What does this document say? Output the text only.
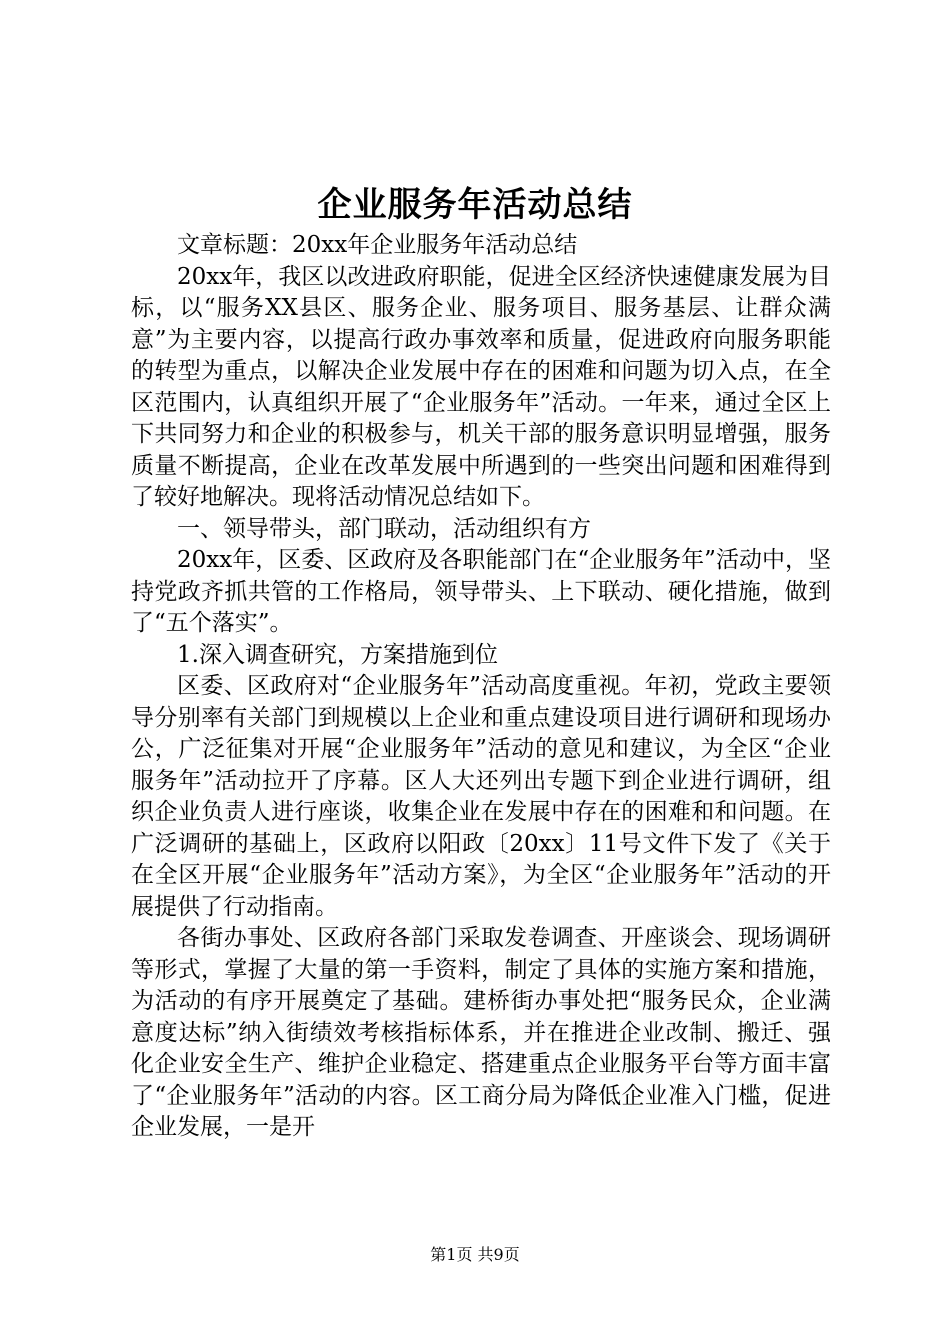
企业服务年活动总结

文章标题：20xx年企业服务年活动总结

20xx年，我区以改进政府职能，促进全区经济快速健康发展为目标，以“服务XX县区、服务企业、服务项目、服务基层、让群众满意”为主要内容，以提高行政办事效率和质量，促进政府向服务职能的转型为重点，以解决企业发展中存在的困难和问题为切入点，在全区范围内，认真组织开展了“企业服务年”活动。一年来，通过全区上下共同努力和企业的积极参与，机关干部的服务意识明显增强，服务质量不断提高，企业在改革发展中所遇到的一些突出问题和困难得到了较好地解决。现将活动情况总结如下。

一、领导带头，部门联动，活动组织有方

20xx年，区委、区政府及各职能部门在“企业服务年”活动中，坚持党政齐抓共管的工作格局，领导带头、上下联动、硬化措施，做到了“五个落实”。

1.深入调查研究，方案措施到位

区委、区政府对“企业服务年”活动高度重视。年初，党政主要领导分别率有关部门到规模以上企业和重点建设项目进行调研和现场办公，广泛征集对开展“企业服务年”活动的意见和建议，为全区“企业服务年”活动拉开了序幕。区人大还列出专题下到企业进行调研，组织企业负责人进行座谈，收集企业在发展中存在的困难和和问题。在广泛调研的基础上，区政府以阳政〔20xx〕11号文件下发了《关于在全区开展“企业服务年”活动方案》，为全区“企业服务年”活动的开展提供了行动指南。

各街办事处、区政府各部门采取发卷调查、开座谈会、现场调研等形式，掌握了大量的第一手资料，制定了具体的实施方案和措施，为活动的有序开展奠定了基础。建桥街办事处把“服务民众，企业满意度达标”纳入街绩效考核指标体系，并在推进企业改制、搬迁、强化企业安全生产、维护企业稳定、搭建重点企业服务平台等方面丰富了“企业服务年”活动的内容。区工商分局为降低企业准入门槛，促进企业发展，一是开

第1页 共9页
